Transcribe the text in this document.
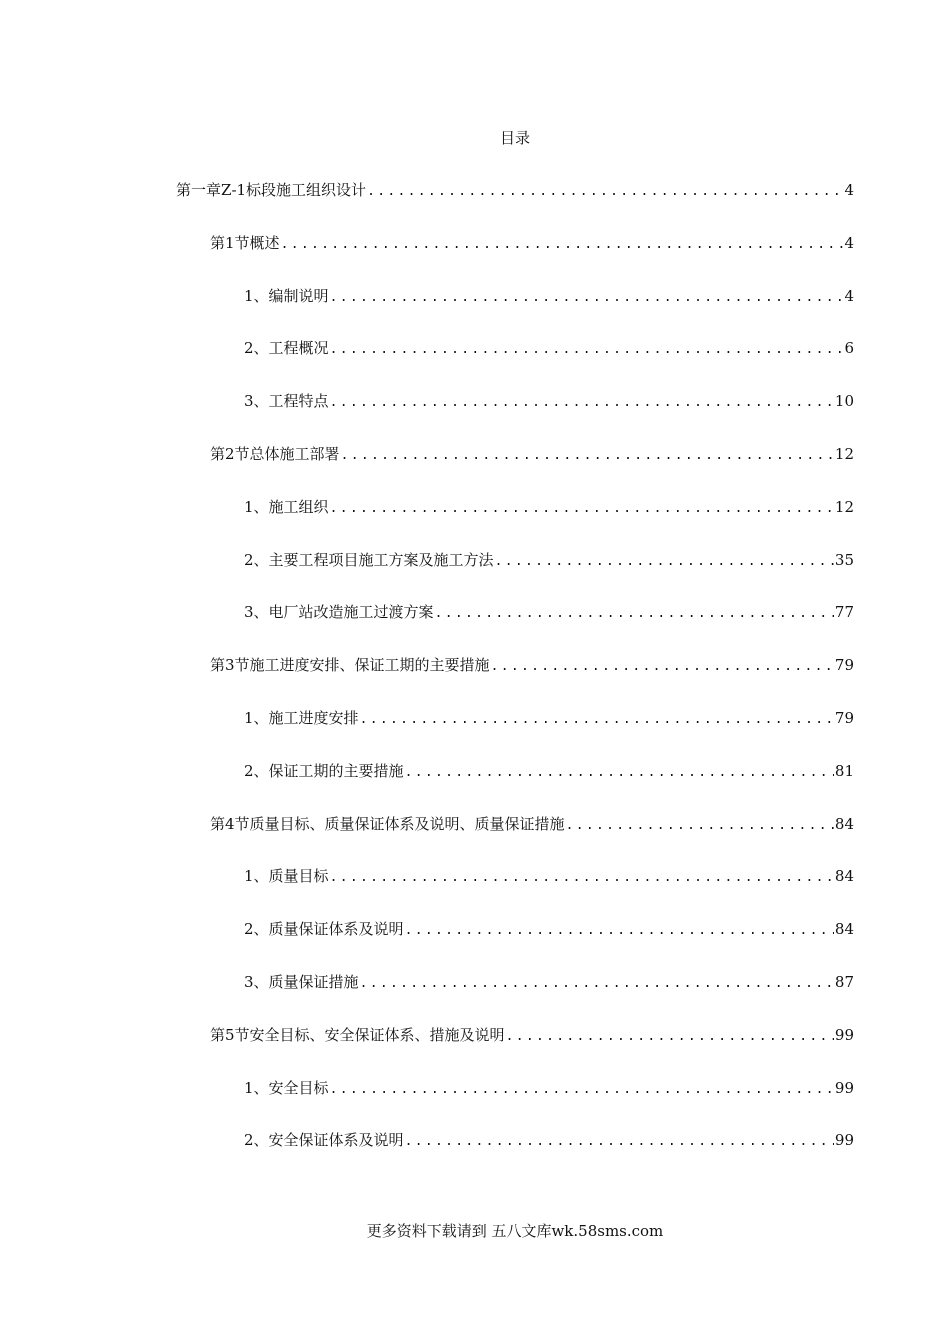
目录
第一章 Z-1标段施工组织设计 .....	4
第1节 概述 .....	4
1、 编制说明 .....	4
2、 工程概况 .....	6
3、 工程特点 .....	10
第2节 总体施工部署 .....	12
1、 施工组织 .....	12
2、 主要工程项目施工方案及施工方法 .....	35
3、 电厂站改造施工过渡方案 .....	77
第3节 施工进度安排、保证工期的主要措施 .....	79
1、 施工进度安排 .....	79
2、 保证工期的主要措施 .....	81
第4节 质量目标、质量保证体系及说明、质量保证措施 .....	84
1、 质量目标 .....	84
2、 质量保证体系及说明 .....	84
3、 质量保证措施 .....	87
第5节 安全目标、安全保证体系、措施及说明 .....	99
1、 安全目标 .....	99
2、 安全保证体系及说明 .....	99
更多资料下载请到 五八文库wk.58sms.com
